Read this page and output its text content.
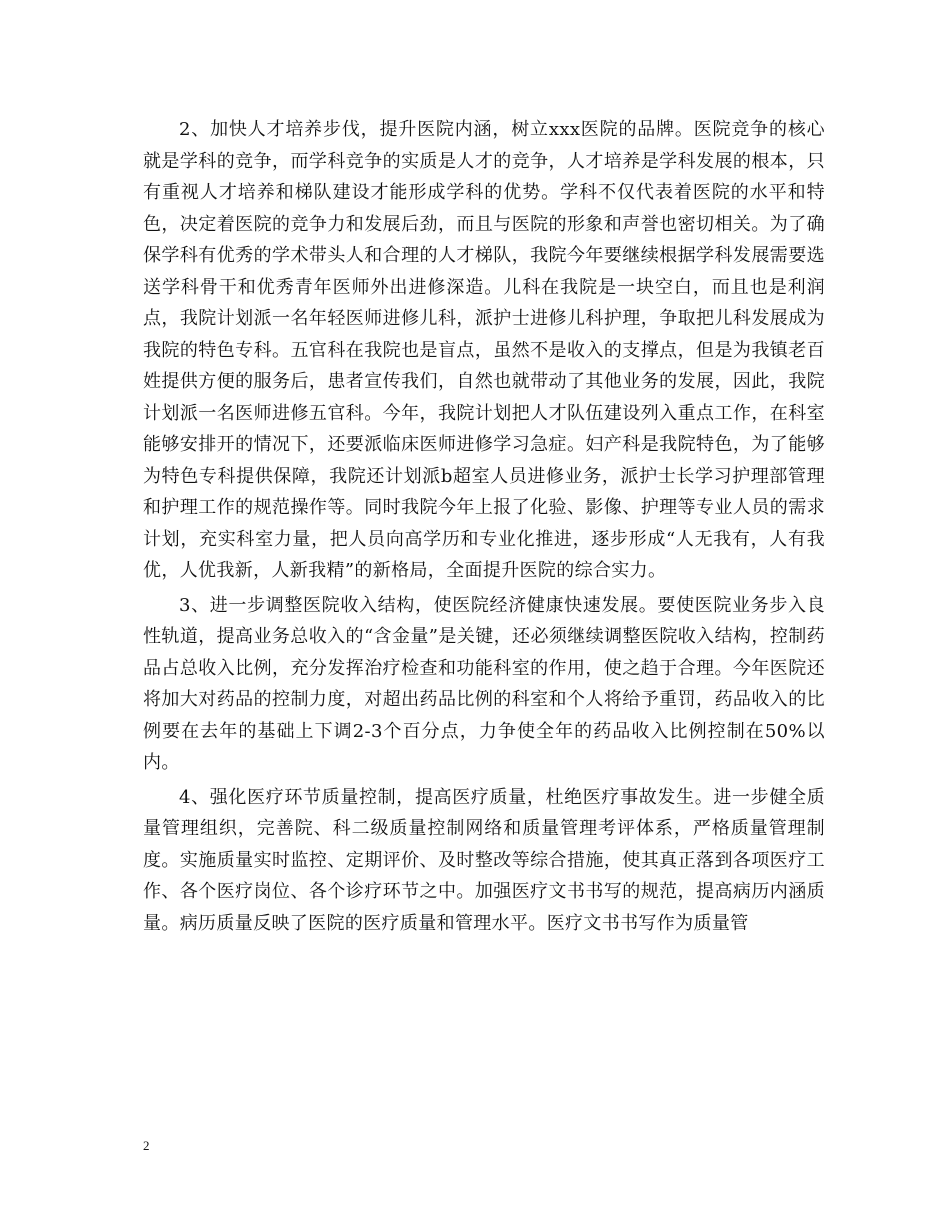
2、加快人才培养步伐，提升医院内涵，树立xxx医院的品牌。医院竞争的核心就是学科的竞争，而学科竞争的实质是人才的竞争，人才培养是学科发展的根本，只有重视人才培养和梯队建设才能形成学科的优势。学科不仅代表着医院的水平和特色，决定着医院的竞争力和发展后劲，而且与医院的形象和声誉也密切相关。为了确保学科有优秀的学术带头人和合理的人才梯队，我院今年要继续根据学科发展需要选送学科骨干和优秀青年医师外出进修深造。儿科在我院是一块空白，而且也是利润点，我院计划派一名年轻医师进修儿科，派护士进修儿科护理，争取把儿科发展成为我院的特色专科。五官科在我院也是盲点，虽然不是收入的支撑点，但是为我镇老百姓提供方便的服务后，患者宣传我们，自然也就带动了其他业务的发展，因此，我院计划派一名医师进修五官科。今年，我院计划把人才队伍建设列入重点工作，在科室能够安排开的情况下，还要派临床医师进修学习急症。妇产科是我院特色，为了能够为特色专科提供保障，我院还计划派b超室人员进修业务，派护士长学习护理部管理和护理工作的规范操作等。同时我院今年上报了化验、影像、护理等专业人员的需求计划，充实科室力量，把人员向高学历和专业化推进，逐步形成“人无我有，人有我优，人优我新，人新我精”的新格局，全面提升医院的综合实力。

3、进一步调整医院收入结构，使医院经济健康快速发展。要使医院业务步入良性轨道，提高业务总收入的“含金量”是关键，还必须继续调整医院收入结构，控制药品占总收入比例，充分发挥治疗检查和功能科室的作用，使之趋于合理。今年医院还将加大对药品的控制力度，对超出药品比例的科室和个人将给予重罚，药品收入的比例要在去年的基础上下调2-3个百分点，力争使全年的药品收入比例控制在50%以内。

4、强化医疗环节质量控制，提高医疗质量，杜绝医疗事故发生。进一步健全质量管理组织，完善院、科二级质量控制网络和质量管理考评体系，严格质量管理制度。实施质量实时监控、定期评价、及时整改等综合措施，使其真正落到各项医疗工作、各个医疗岗位、各个诊疗环节之中。加强医疗文书书写的规范，提高病历内涵质量。病历质量反映了医院的医疗质量和管理水平。医疗文书书写作为质量管

2
